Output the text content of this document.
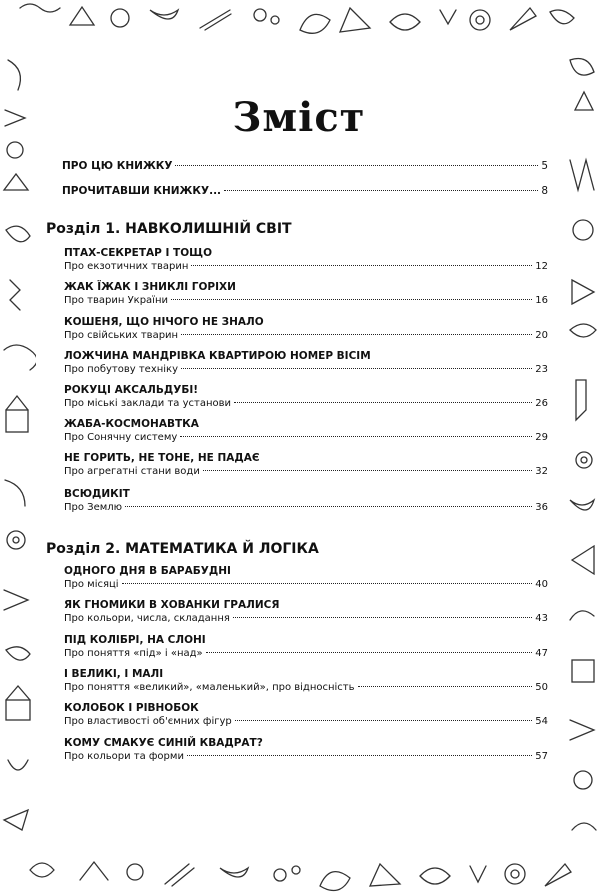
Зміст
ПРО ЦЮ КНИЖКУ	5
ПРОЧИТАВШИ КНИЖКУ...	8
Розділ 1. НАВКОЛИШНІЙ СВІТ
ПТАХ-СЕКРЕТАР І ТОЩО
Про екзотичних тварин	12
ЖАК ЇЖАК І ЗНИКЛІ ГОРІХИ
Про тварин України	16
КОШЕНЯ, ЩО НІЧОГО НЕ ЗНАЛО
Про свійських тварин	20
ЛОЖЧИНА МАНДРІВКА КВАРТИРОЮ НОМЕР ВІСІМ
Про побутову техніку	23
РОКУЦІ АКСАЛЬДУБІ!
Про міські заклади та установи	26
ЖАБА-КОСМОНАВТКА
Про Сонячну систему	29
НЕ ГОРИТЬ, НЕ ТОНЕ, НЕ ПАДАЄ
Про агрегатні стани води	32
ВСЮДИКІТ
Про Землю	36
Розділ 2. МАТЕМАТИКА Й ЛОГІКА
ОДНОГО ДНЯ В БАРАБУДНІ
Про місяці	40
ЯК ГНОМИКИ В ХОВАНКИ ГРАЛИСЯ
Про кольори, числа, складання	43
ПІД КОЛІБРІ, НА СЛОНІ
Про поняття «під» і «над»	47
І ВЕЛИКІ, І МАЛІ
Про поняття «великий», «маленький», про відносність	50
КОЛОБОК І РІВНОБОК
Про властивості об'ємних фігур	54
КОМУ СМАКУЄ СИНІЙ КВАДРАТ?
Про кольори та форми	57
